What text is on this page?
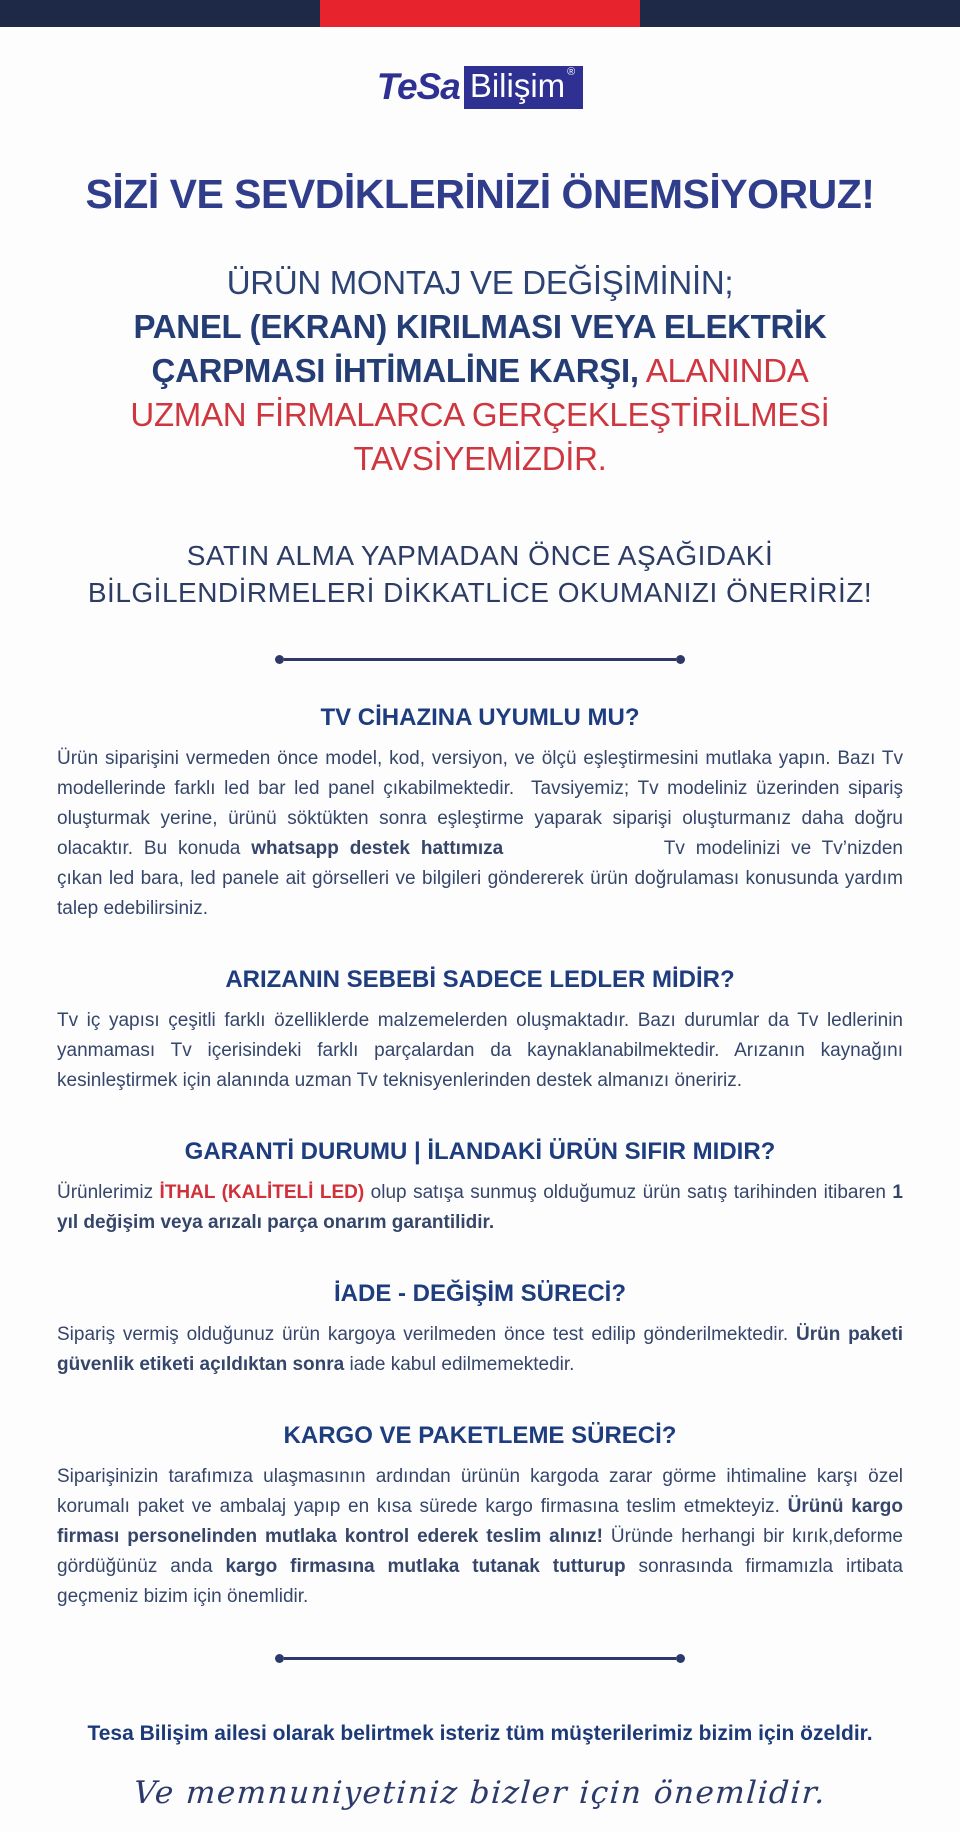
TeSa Bilişim ®
SİZİ VE SEVDİKLERİNİZİ ÖNEMSİYORUZ!
ÜRÜN MONTAJ VE DEĞİŞİMİNİN;
PANEL (EKRAN) KIRILMASI VEYA ELEKTRİK
ÇARPMASI İHTİMALİNE KARŞI, ALANINDA
UZMAN FİRMALARCA GERÇEKLEŞTİRİLMESİ
TAVSİYEMİZDİR.
SATIN ALMA YAPMADAN ÖNCE AŞAĞIDAKİ
BİLGİLENDİRMELERİ DİKKATLİCE OKUMANIZI ÖNERİRİZ!
TV CİHAZINA UYUMLU MU?

Ürün siparişini vermeden önce model, kod, versiyon, ve ölçü eşleştirmesini mutlaka yapın. Bazı Tv modellerinde farklı led bar led panel çıkabilmektedir.  Tavsiyemiz; Tv modeliniz üzerinden sipariş oluşturmak yerine, ürünü söktükten sonra eşleştirme yaparak siparişi oluşturmanız daha doğru olacaktır. Bu konuda whatsapp destek hattımıza	Tv modelinizi ve Tv’nizden çıkan led bara, led panele ait görselleri ve bilgileri göndererek ürün doğrulaması konusunda yardım talep edebilirsiniz.

ARIZANIN SEBEBİ SADECE LEDLER MİDİR?

Tv iç yapısı çeşitli farklı özelliklerde malzemelerden oluşmaktadır. Bazı durumlar da Tv ledlerinin yanmaması Tv içerisindeki farklı parçalardan da kaynaklanabilmektedir. Arızanın kaynağını kesinleştirmek için alanında uzman Tv teknisyenlerinden destek almanızı öneririz.

GARANTİ DURUMU | İLANDAKİ ÜRÜN SIFIR MIDIR?

Ürünlerimiz İTHAL (KALİTELİ LED) olup satışa sunmuş olduğumuz ürün satış tarihinden itibaren 1 yıl değişim veya arızalı parça onarım garantilidir.

İADE - DEĞİŞİM SÜRECİ?

Sipariş vermiş olduğunuz ürün kargoya verilmeden önce test edilip gönderilmektedir. Ürün paketi güvenlik etiketi açıldıktan sonra iade kabul edilmemektedir.

KARGO VE PAKETLEME SÜRECİ?

Siparişinizin tarafımıza ulaşmasının ardından ürünün kargoda zarar görme ihtimaline karşı özel korumalı paket ve ambalaj yapıp en kısa sürede kargo firmasına teslim etmekteyiz. Ürünü kargo firması personelinden mutlaka kontrol ederek teslim alınız! Üründe herhangi bir kırık,deforme gördüğünüz anda kargo firmasına mutlaka tutanak tutturup sonrasında firmamızla irtibata geçmeniz bizim için önemlidir.

Tesa Bilişim ailesi olarak belirtmek isteriz tüm müşterilerimiz bizim için özeldir.
Ve memnuniyetiniz bizler için önemlidir.
